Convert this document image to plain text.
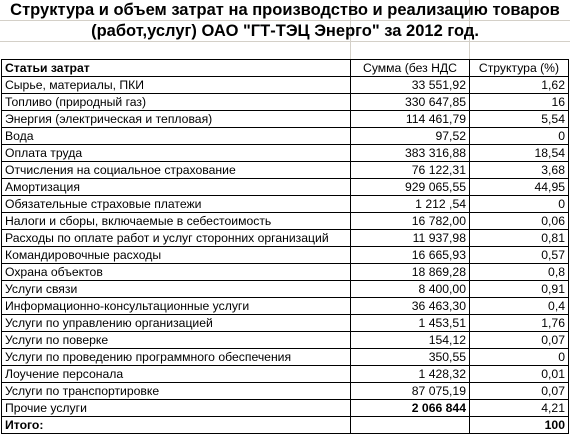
Структура и объем затрат на производство и реализацию товаров
(работ,услуг) ОАО "ГТ-ТЭЦ Энерго" за 2012 год.
Статьи затрат	Сумма (без НДС	Структура (%)
Сырье, материалы, ПКИ	33 551,92	1,62
Топливо (природный газ)	330 647,85	16
Энергия (электрическая и тепловая)	114 461,79	5,54
Вода	97,52	0
Оплата труда	383 316,88	18,54
Отчисления на социальное страхование	76 122,31	3,68
Амортизация	929 065,55	44,95
Обязательные страховые платежи	1 212 ,54	0
Налоги и сборы, включаемые в себестоимость	16 782,00	0,06
Расходы по оплате работ и услуг сторонних организаций	11 937,98	0,81
Командировочные расходы	16 665,93	0,57
Охрана объектов	18 869,28	0,8
Услуги связи	8 400,00	0,91
Информационно-консультационные услуги	36 463,30	0,4
Услуги по управлению организацией	1 453,51	1,76
Услуги по поверке	154,12	0,07
Услуги по проведению программного обеспечения	350,55	0
Лоучение персонала	1 428,32	0,01
Услуги по транспортировке	87 075,19	0,07
Прочие услуги	2 066 844	4,21
Итого:		100
